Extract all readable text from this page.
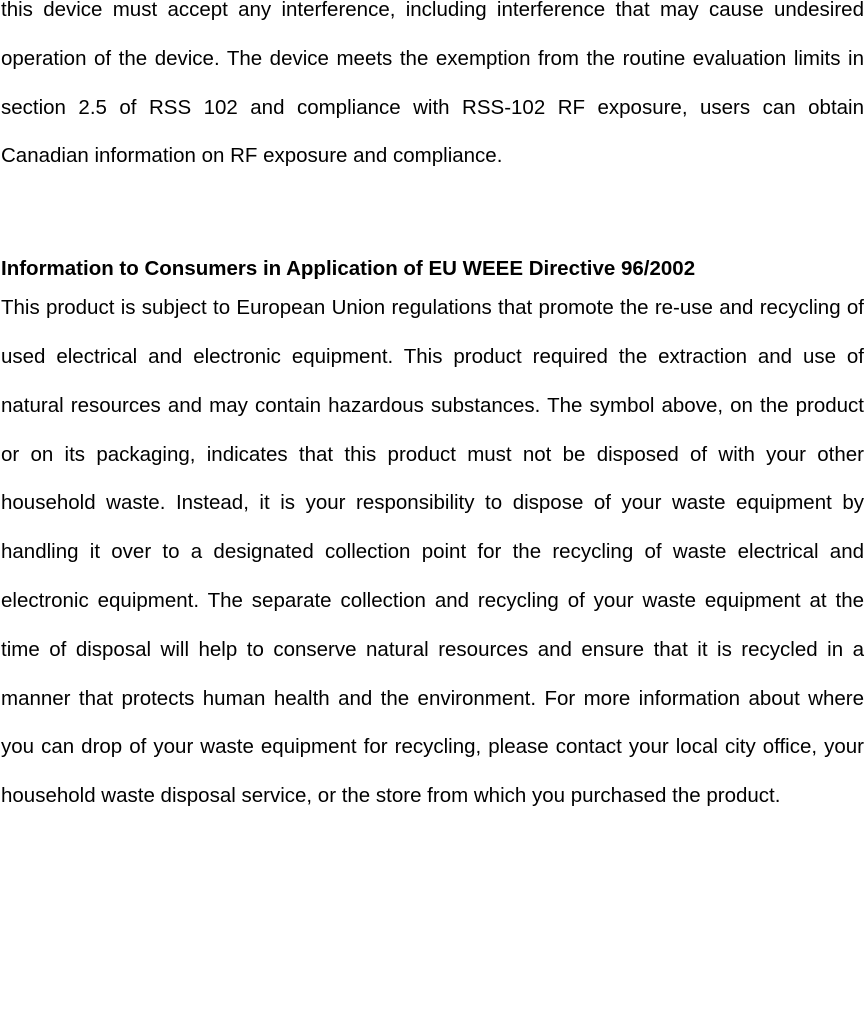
this device must accept any interference, including interference that may cause undesired operation of the device. The device meets the exemption from the routine evaluation limits in section 2.5 of RSS 102 and compliance with RSS-102 RF exposure, users can obtain Canadian information on RF exposure and compliance.

Information to Consumers in Application of EU WEEE Directive 96/2002

This product is subject to European Union regulations that promote the re-use and recycling of used electrical and electronic equipment. This product required the extraction and use of natural resources and may contain hazardous substances. The symbol above, on the product or on its packaging, indicates that this product must not be disposed of with your other household waste. Instead, it is your responsibility to dispose of your waste equipment by handling it over to a designated collection point for the recycling of waste electrical and electronic equipment. The separate collection and recycling of your waste equipment at the time of disposal will help to conserve natural resources and ensure that it is recycled in a manner that protects human health and the environment. For more information about where you can drop of your waste equipment for recycling, please contact your local city office, your household waste disposal service, or the store from which you purchased the product.
